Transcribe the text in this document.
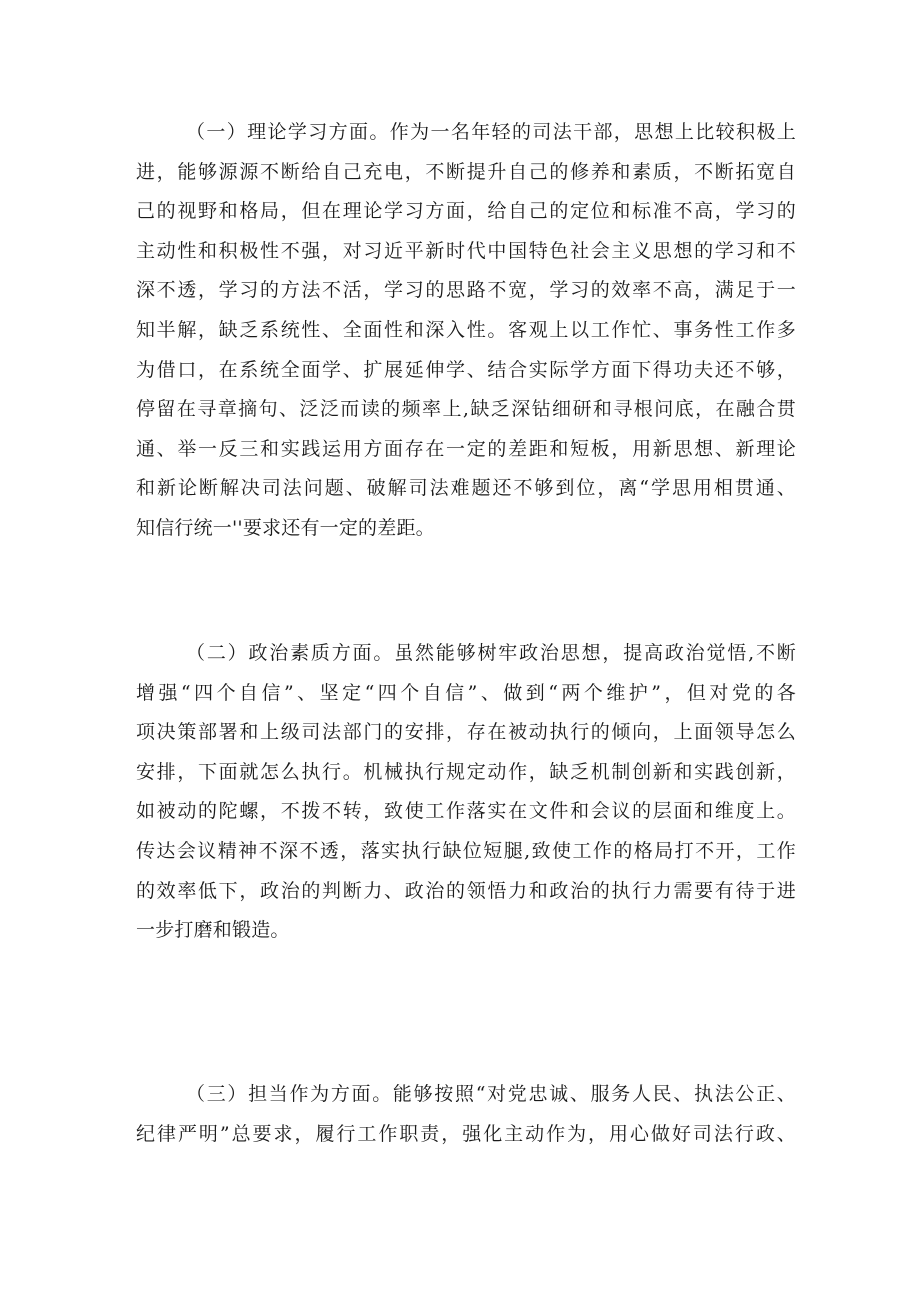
（一）理论学习方面。作为一名年轻的司法干部，思想上比较积极上
进，能够源源不断给自己充电，不断提升自己的修养和素质，不断拓宽自
己的视野和格局，但在理论学习方面，给自己的定位和标准不高，学习的
主动性和积极性不强，对习近平新时代中国特色社会主义思想的学习和不
深不透，学习的方法不活，学习的思路不宽，学习的效率不高，满足于一
知半解，缺乏系统性、全面性和深入性。客观上以工作忙、事务性工作多
为借口，在系统全面学、扩展延伸学、结合实际学方面下得功夫还不够，
停留在寻章摘句、泛泛而读的频率上,缺乏深钻细研和寻根问底，在融合贯
通、举一反三和实践运用方面存在一定的差距和短板，用新思想、新理论
和新论断解决司法问题、破解司法难题还不够到位，离“学思用相贯通、
知信行统一''要求还有一定的差距。
（二）政治素质方面。虽然能够树牢政治思想，提高政治觉悟,不断
增强“四个自信”、坚定“四个自信”、做到“两个维护”，但对党的各
项决策部署和上级司法部门的安排，存在被动执行的倾向，上面领导怎么
安排，下面就怎么执行。机械执行规定动作，缺乏机制创新和实践创新，
如被动的陀螺，不拨不转，致使工作落实在文件和会议的层面和维度上。
传达会议精神不深不透，落实执行缺位短腿,致使工作的格局打不开，工作
的效率低下，政治的判断力、政治的领悟力和政治的执行力需要有待于进
一步打磨和锻造。
（三）担当作为方面。能够按照“对党忠诚、服务人民、执法公正、
纪律严明”总要求，履行工作职责，强化主动作为，用心做好司法行政、
